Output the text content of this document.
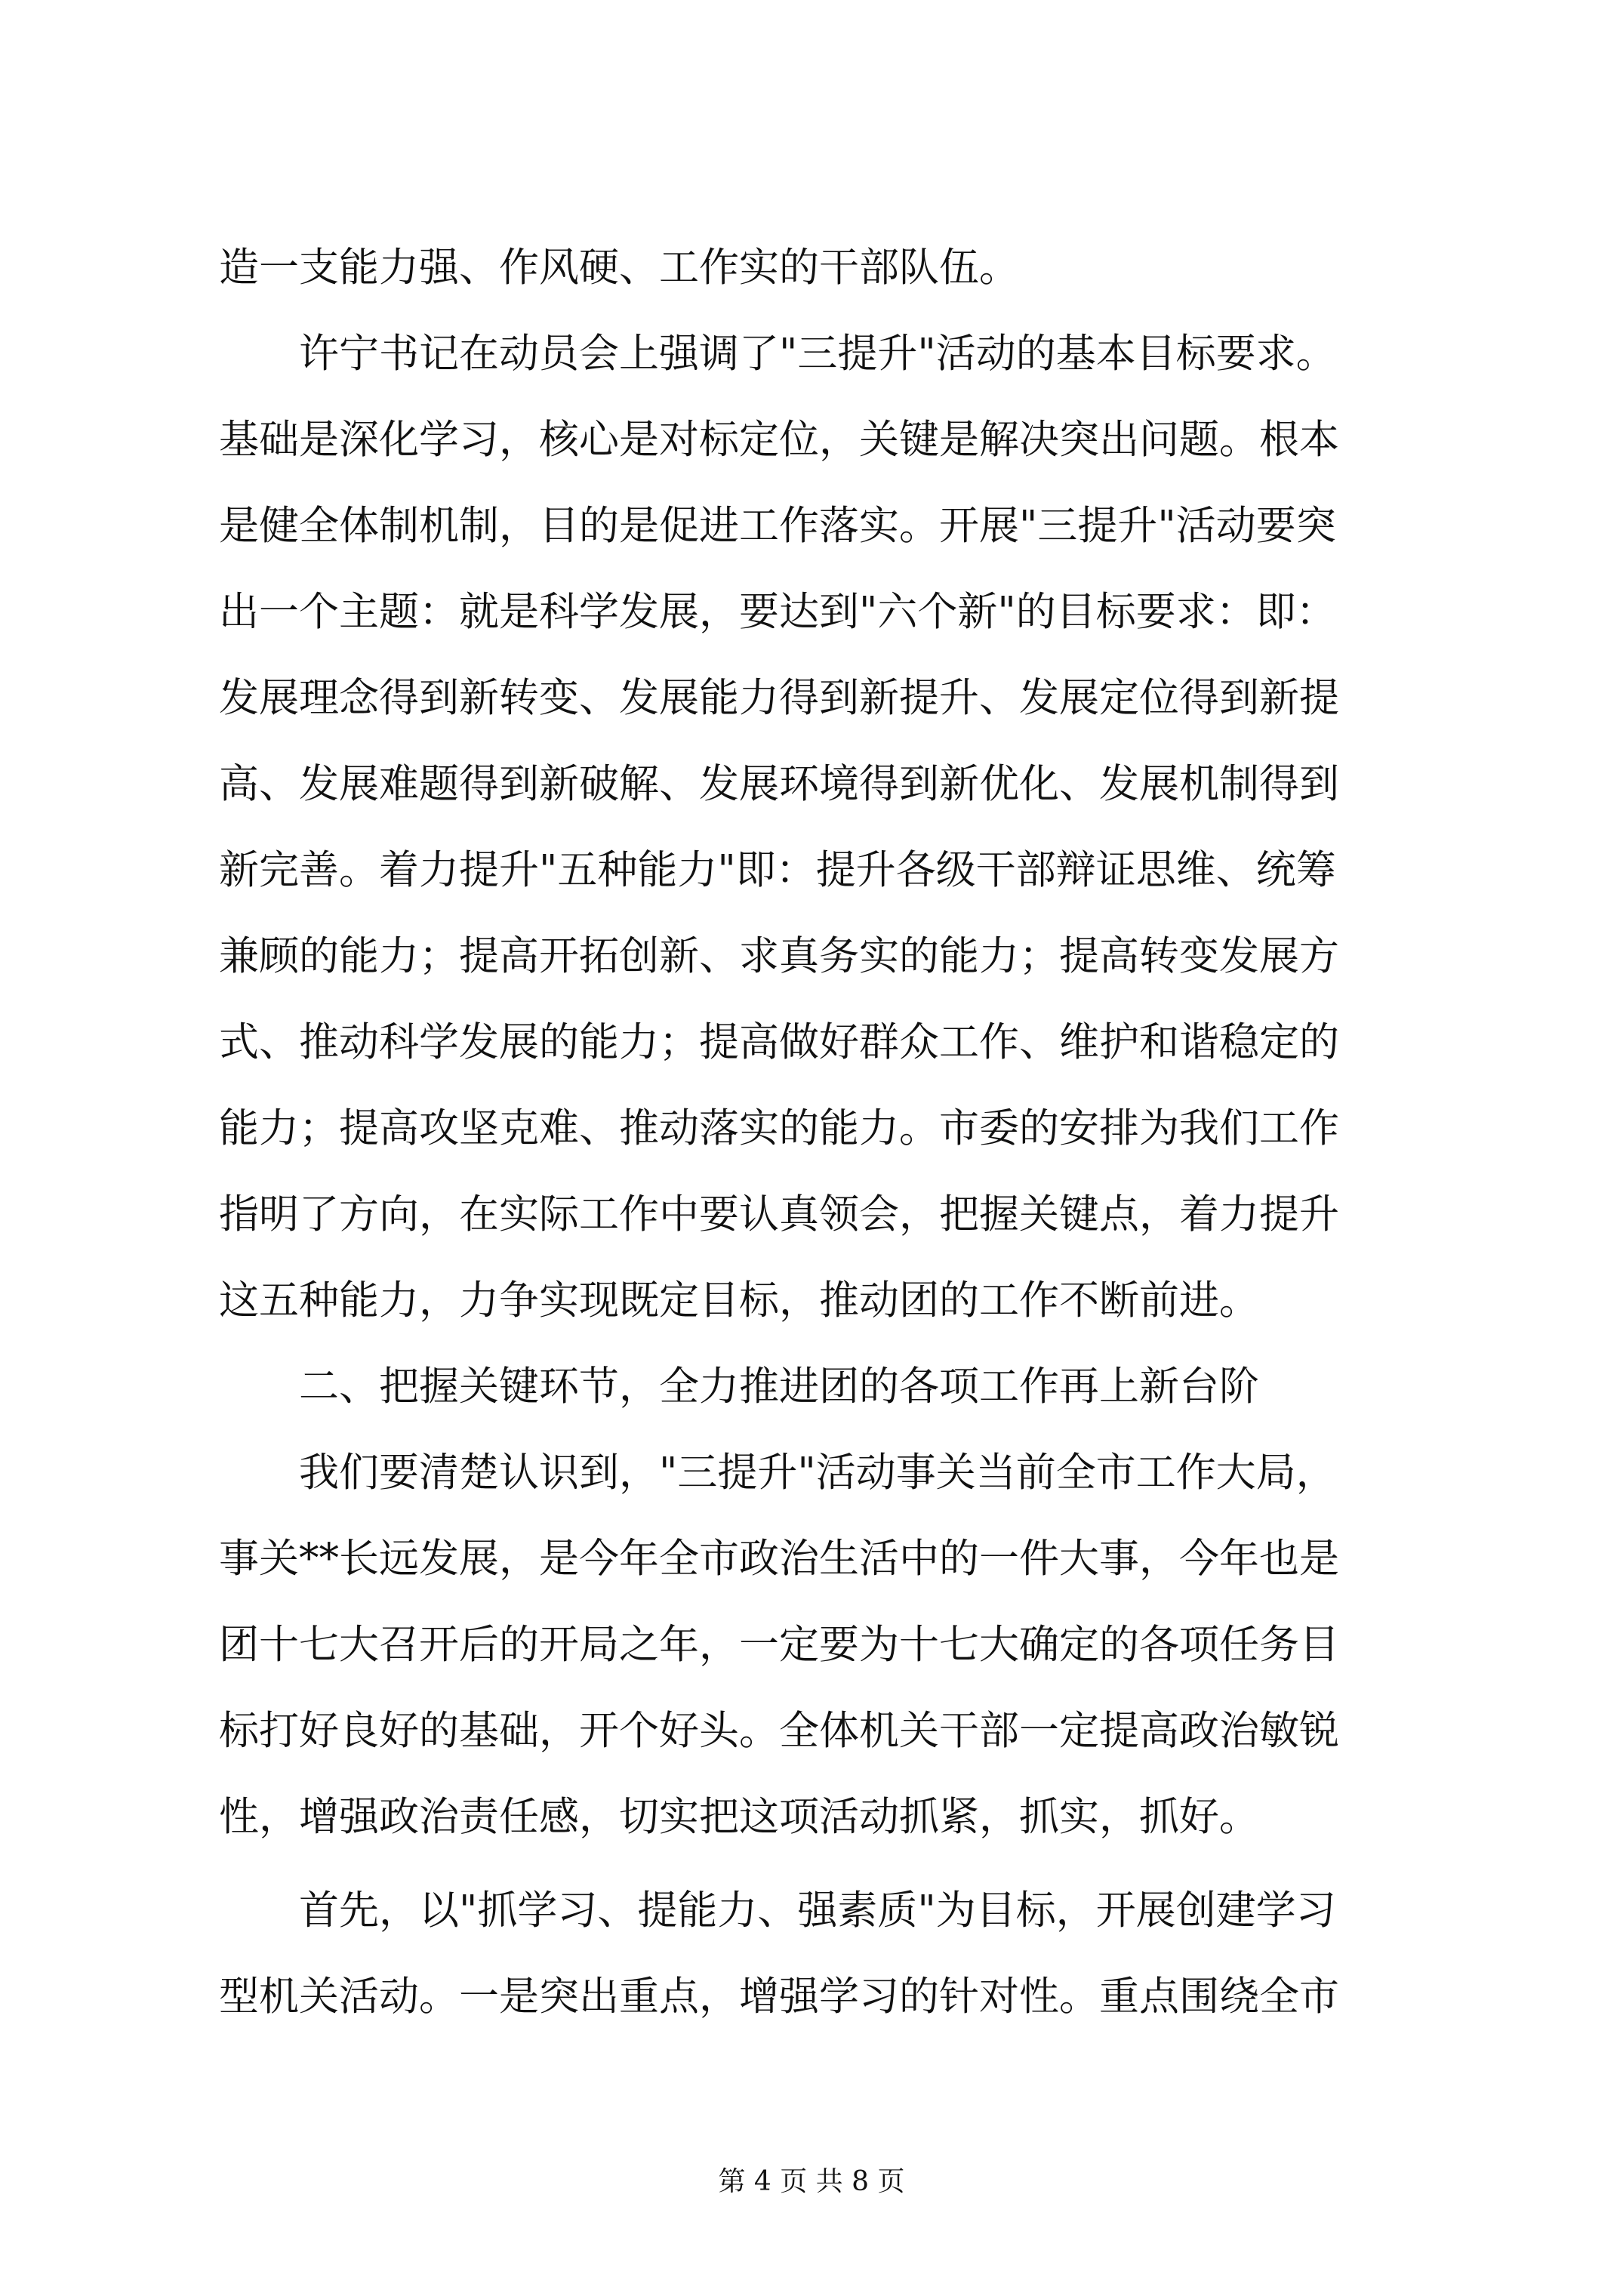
造一支能力强、作风硬、工作实的干部队伍。
　　许宁书记在动员会上强调了"三提升"活动的基本目标要求。
基础是深化学习，核心是对标定位，关键是解决突出问题。根本
是健全体制机制，目的是促进工作落实。开展"三提升"活动要突
出一个主题：就是科学发展，要达到"六个新"的目标要求：即：
发展理念得到新转变、发展能力得到新提升、发展定位得到新提
高、发展难题得到新破解、发展环境得到新优化、发展机制得到
新完善。着力提升"五种能力"即：提升各级干部辩证思维、统筹
兼顾的能力；提高开拓创新、求真务实的能力；提高转变发展方
式、推动科学发展的能力；提高做好群众工作、维护和谐稳定的
能力；提高攻坚克难、推动落实的能力。市委的安排为我们工作
指明了方向，在实际工作中要认真领会，把握关键点，着力提升
这五种能力，力争实现既定目标，推动团的工作不断前进。
　　二、把握关键环节，全力推进团的各项工作再上新台阶
　　我们要清楚认识到，"三提升"活动事关当前全市工作大局，
事关**长远发展，是今年全市政治生活中的一件大事，今年也是
团十七大召开后的开局之年，一定要为十七大确定的各项任务目
标打好良好的基础，开个好头。全体机关干部一定提高政治敏锐
性，增强政治责任感，切实把这项活动抓紧，抓实，抓好。
　　首先，以"抓学习、提能力、强素质"为目标，开展创建学习
型机关活动。一是突出重点，增强学习的针对性。重点围绕全市
第 4 页 共 8 页
